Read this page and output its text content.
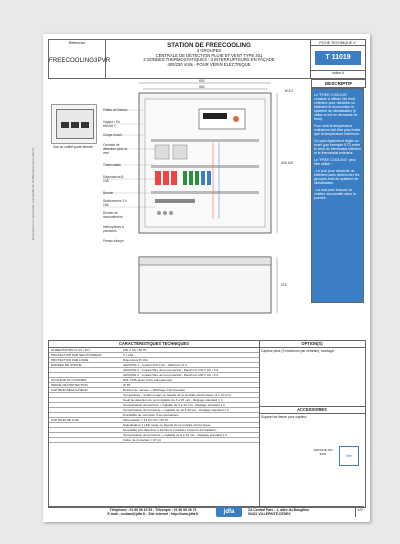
Document non contractuel, susceptible de modifications sans préavis
Référence
FREECOOLING3PVR
STATION DE FREECOOLING
3 GROUPES
CENTRALE DE DÉTECTION PLUIE ET VENT TYPE 401
2 SONDES THERMOSTATIQUES - 3 INTERRUPTEURS EN FAÇADE
400/230 Volts - POUR VÉRIN ÉLECTRIQUE
FICHE TECHNIQUE n°
T 11019
indice A
Vue du coffret porte fermée
Pattes de fixation
Voyant « En service »
Coupe-circuit
Centrale de détection pluie et vent
Thermostats
Disjoncteurs B 10A
Bornier
Sectionneurs 3 x 16A
Bornier de raccordement
Interrupteurs à poussoirs
Presse-étoupe
600
560
Ø 8.2
600 420
215
DESCRIPTIF

Le "FREE COOLING" consiste à utiliser l'air froid extérieur pour rafraîchir un bâtiment et économiser le système de climatisation (il utilise si est en demande de froid).

Pour cela la température extérieure doit être plus froide que la température intérieure.

On peut également régler un écart (par exemple 5°C) entre le seuil du thermostat intérieur et le thermostat extérieur.

Le "FREE COOLING" peut être utilisé :

- Le jour pour rafraîchir un bâtiment sans déclencher les groupes froid du système de climatisation.

- La nuit pour évacuer la chaleur accumulée dans la journée.

CARACTÉRISTIQUES TECHNIQUES
ALIMENTATION (V AC / Hz)	230 V AC / 50 Hz
PROTECTION PAR SECTIONNEUR	3 x 16A
PROTECTION PAR LIGNE	Disjoncteur B 10A
BORNES DE SORTIE	GROUPE 1 : contact 230 V AC - Maximum 6 A
GROUPE 2 : contact libre de tout potentiel - Maximum 230 V AC / 6 A
GROUPE 3 : contact libre de tout potentiel - Maximum 230 V AC / 6 A
COULEUR DU COFFRET	RAL 7035 (avec porte transparente)
INDICE DE PROTECTION	IP 65
CAPTEUR RÉGULATEUR	Entrées de mesure + affichage 2 thermostats
Température : 4 LED rouges en façade de la centrale électronique (4 x 10 mm)
Seuil de détection du vent réglable de 3 à 15 m/s - Réglage standard 1 h
Temporisation d'ouverture + réglable de 5 à 10 min - Réglage standard 1 h
Temporisation de fermeture + réglable de 10 à 30 sec - Réglage standard 1 h
Possibilité de raccorder 3 temporisations
CAPTEUR DE LUIE	Alimentation = 13,8 V DC / 50 Hz
Signalisation 1 LED rouge en façade de la centrale électronique
Sensibilité à la détection 2 fonctions possibles 3 façons d'installation
Temporisation de fermeture + réglable de 5 à 10 min - Réglage standard 1 h
Indice de protection = IP 44
OPTION(S)
Capteur pluie (3 maximum par centrale), montage.
ACCESSOIRES
Support de fixture pour capteur.
CERTIFIE ISO 9001	Veri
Téléphone : 01 60 06 10 53 - Télécopie : 01 60 06 26 73
E-mail : contact@jdfa.fr - Site internet : http://www.jdfa.fr	jdfa	ZA Central Parc - 1, allée du Bougillon
93421 VILLEPINTE CEDEX
1/2
